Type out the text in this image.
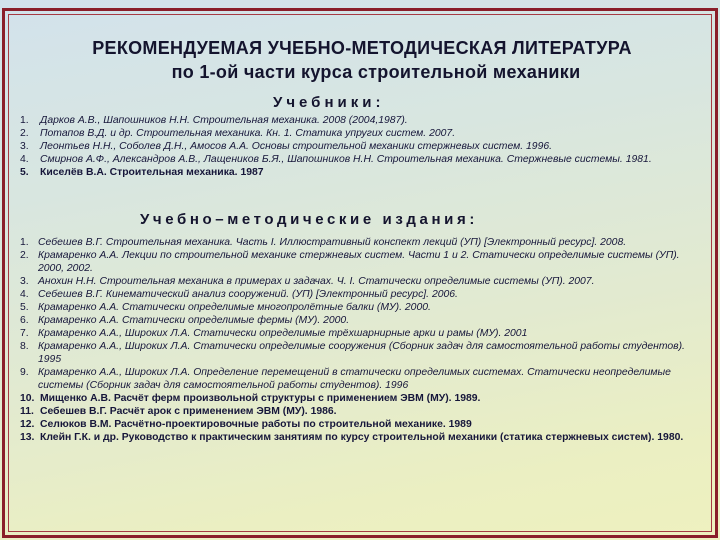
РЕКОМЕНДУЕМАЯ УЧЕБНО-МЕТОДИЧЕСКАЯ ЛИТЕРАТУРА
по 1-ой части курса строительной механики
Учебники:
1. Дарков А.В., Шапошников Н.Н. Строительная механика. 2008 (2004,1987).
2. Потапов В.Д. и др. Строительная механика. Кн. 1. Статика упругих систем. 2007.
3. Леонтьев Н.Н., Соболев Д.Н., Амосов А.А. Основы строительной механики стержневых систем. 1996.
4. Смирнов А.Ф., Александров А.В., Лащеников Б.Я., Шапошников Н.Н. Строительная механика. Стержневые системы. 1981.
5. Киселёв В.А. Строительная механика. 1987
Учебно–методические издания:
1. Себешев В.Г. Строительная механика. Часть I. Иллюстративный конспект лекций (УП) [Электронный ресурс]. 2008.
2. Крамаренко А.А. Лекции по строительной механике стержневых систем. Части 1 и 2. Статически определимые системы (УП). 2000, 2002.
3. Анохин Н.Н. Строительная механика в примерах и задачах. Ч. I. Статически определимые системы (УП). 2007.
4. Себешев В.Г. Кинематический анализ сооружений. (УП) [Электронный ресурс]. 2006.
5. Крамаренко А.А. Статически определимые многопролётные балки (МУ). 2000.
6. Крамаренко А.А. Статически определимые фермы (МУ). 2000.
7. Крамаренко А.А., Широких Л.А. Статически определимые трёхшарнирные арки и рамы (МУ). 2001
8. Крамаренко А.А., Широких Л.А. Статически определимые сооружения (Сборник задач для самостоятельной работы студентов). 1995
9. Крамаренко А.А., Широких Л.А. Определение перемещений в статически определимых системах. Статически неопределимые системы (Сборник задач для самостоятельной работы студентов). 1996
10. Мищенко А.В. Расчёт ферм произвольной структуры с применением ЭВМ (МУ). 1989.
11. Себешев В.Г. Расчёт арок с применением ЭВМ (МУ). 1986.
12. Селюков В.М. Расчётно-проектировочные работы по строительной механике. 1989
13. Клейн Г.К. и др. Руководство к практическим занятиям по курсу строительной механики (статика стержневых систем). 1980.
